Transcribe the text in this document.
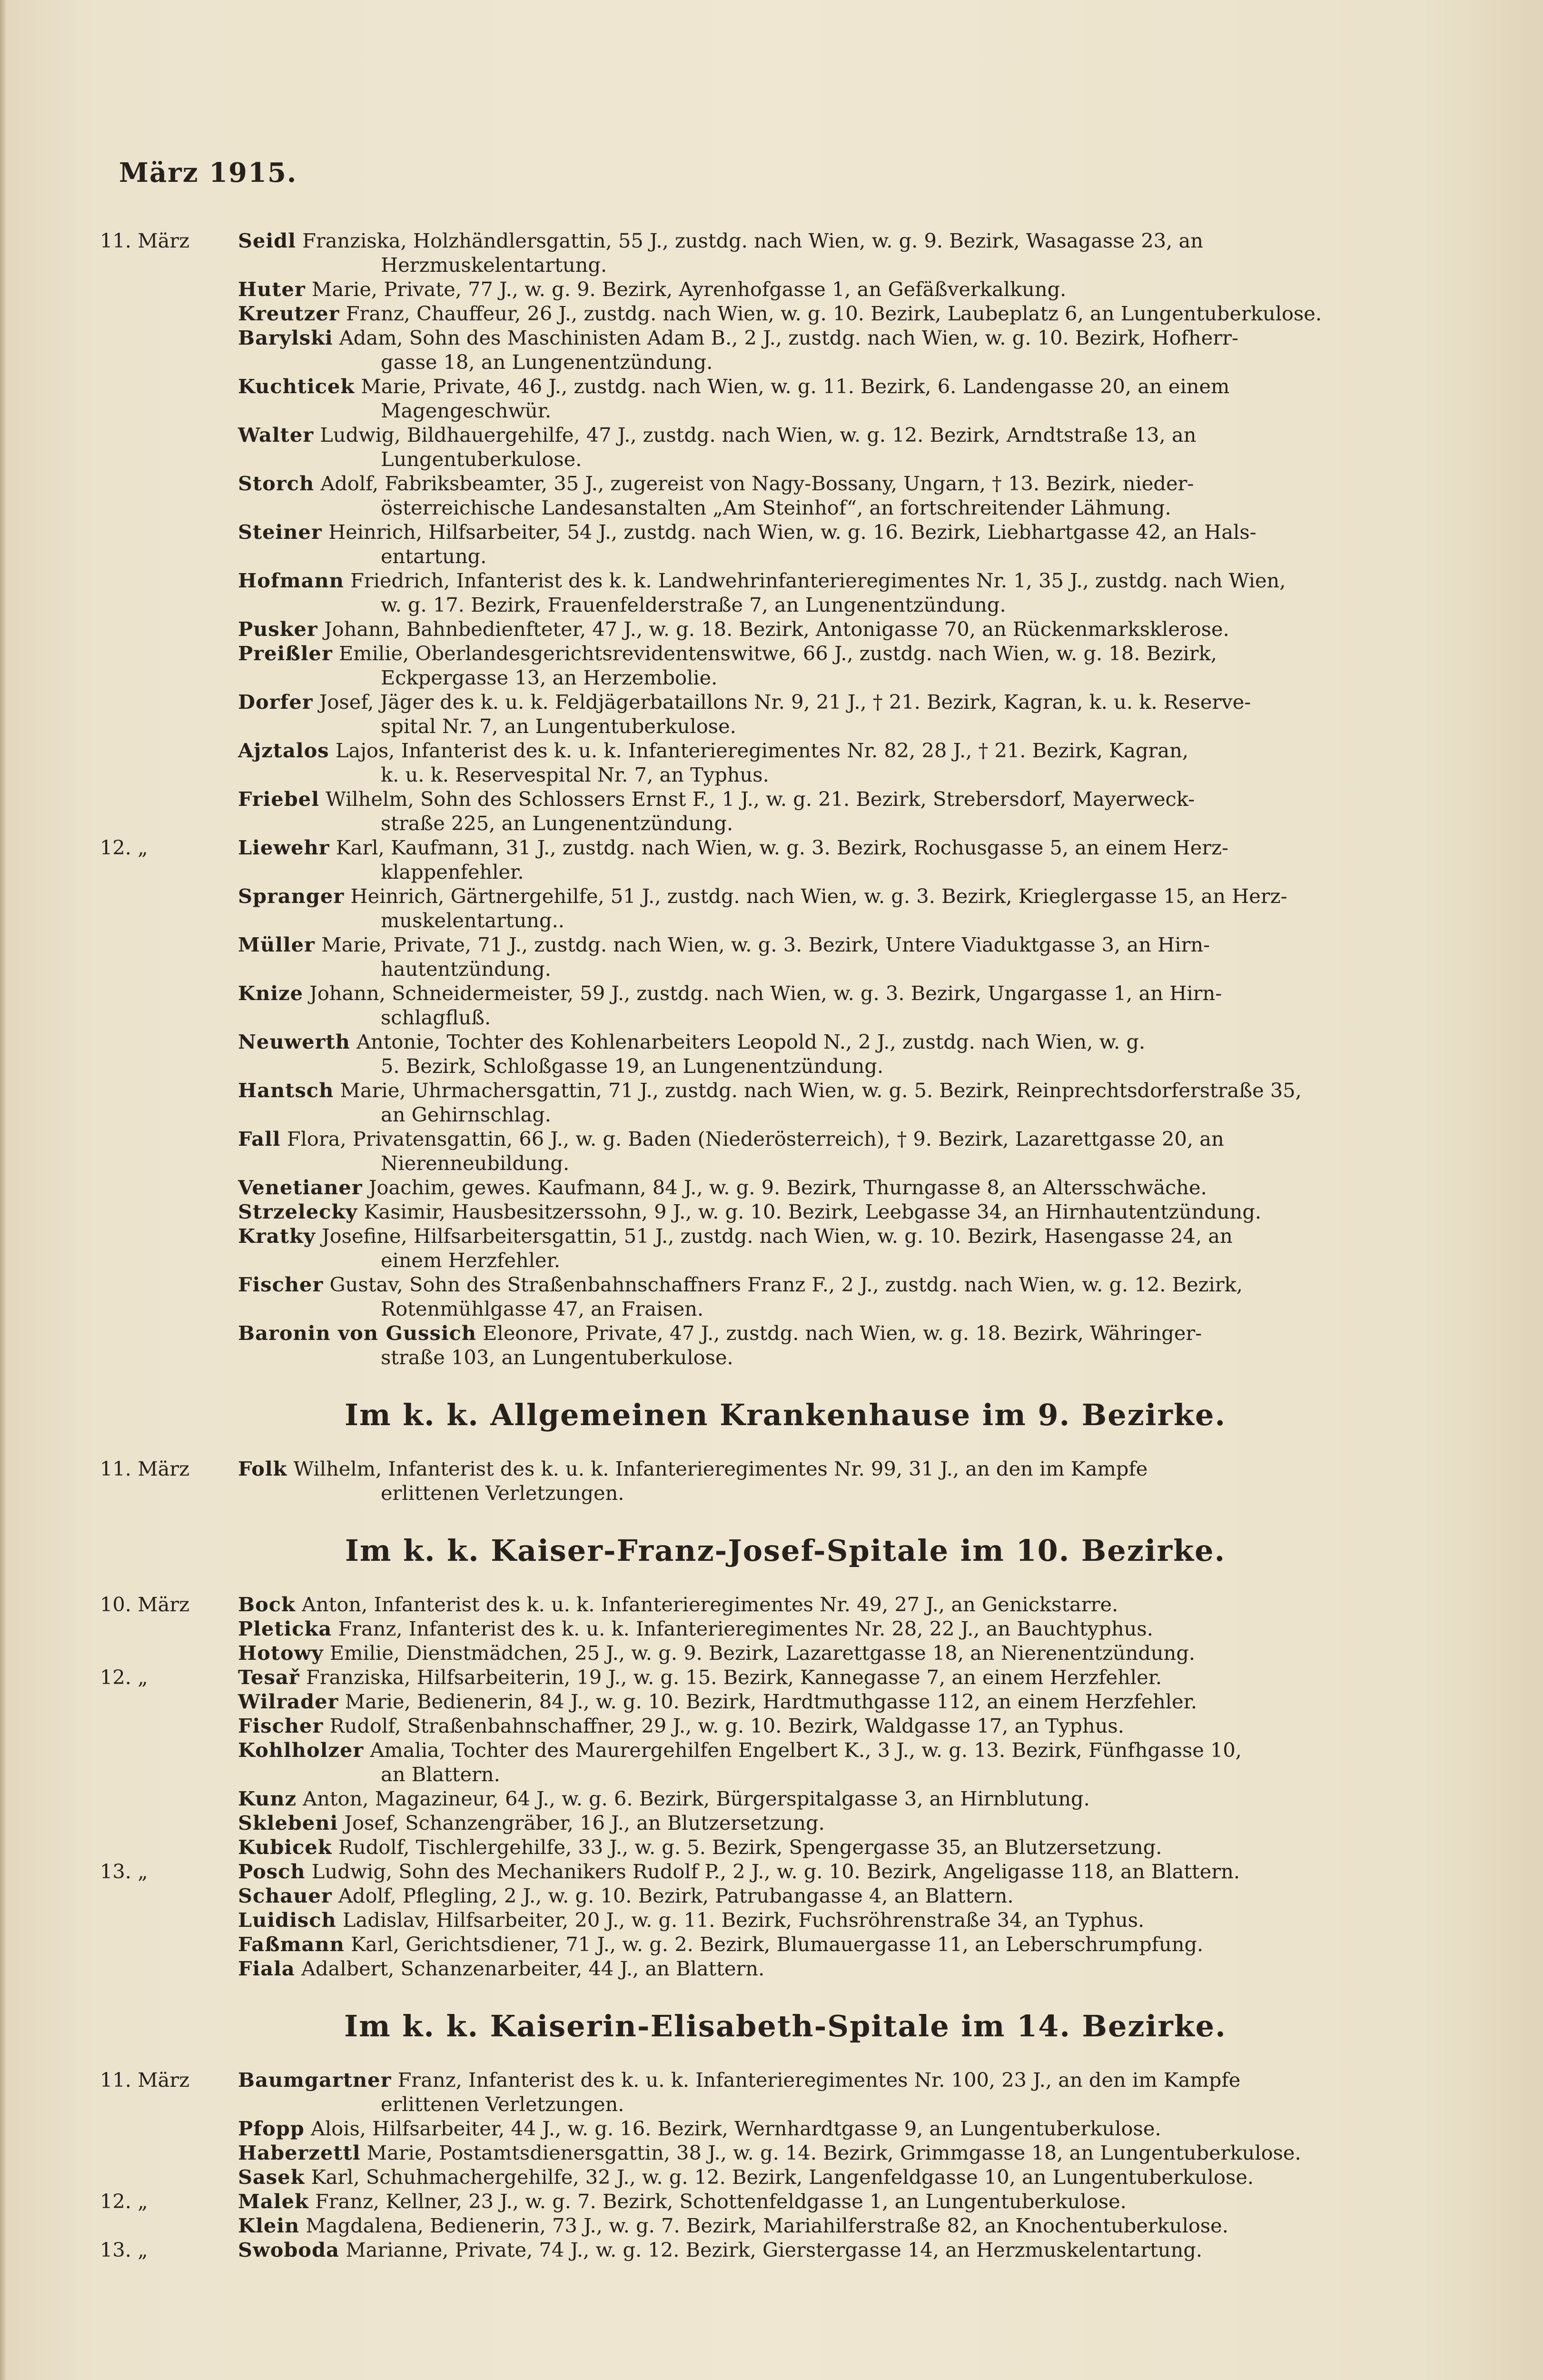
März 1915.
11. März	Seidl Franziska, Holzhändlersgattin, 55 J., zustdg. nach Wien, w. g. 9. Bezirk, Wasagasse 23, an
Herzmuskelentartung.
Huter Marie, Private, 77 J., w. g. 9. Bezirk, Ayrenhofgasse 1, an Gefäßverkalkung.
Kreutzer Franz, Chauffeur, 26 J., zustdg. nach Wien, w. g. 10. Bezirk, Laubeplatz 6, an Lungentuberkulose.
Barylski Adam, Sohn des Maschinisten Adam B., 2 J., zustdg. nach Wien, w. g. 10. Bezirk, Hofherr-
gasse 18, an Lungenentzündung.
Kuchticek Marie, Private, 46 J., zustdg. nach Wien, w. g. 11. Bezirk, 6. Landengasse 20, an einem
Magengeschwür.
Walter Ludwig, Bildhauergehilfe, 47 J., zustdg. nach Wien, w. g. 12. Bezirk, Arndtstraße 13, an
Lungentuberkulose.
Storch Adolf, Fabriksbeamter, 35 J., zugereist von Nagy-Bossany, Ungarn, † 13. Bezirk, nieder-
österreichische Landesanstalten „Am Steinhof“, an fortschreitender Lähmung.
Steiner Heinrich, Hilfsarbeiter, 54 J., zustdg. nach Wien, w. g. 16. Bezirk, Liebhartgasse 42, an Hals-
entartung.
Hofmann Friedrich, Infanterist des k. k. Landwehrinfanterieregimentes Nr. 1, 35 J., zustdg. nach Wien,
w. g. 17. Bezirk, Frauenfelderstraße 7, an Lungenentzündung.
Pusker Johann, Bahnbedienfteter, 47 J., w. g. 18. Bezirk, Antonigasse 70, an Rückenmarksklerose.
Preißler Emilie, Oberlandesgerichtsrevidentenswitwe, 66 J., zustdg. nach Wien, w. g. 18. Bezirk,
Eckpergasse 13, an Herzembolie.
Dorfer Josef, Jäger des k. u. k. Feldjägerbataillons Nr. 9, 21 J., † 21. Bezirk, Kagran, k. u. k. Reserve-
spital Nr. 7, an Lungentuberkulose.
Ajztalos Lajos, Infanterist des k. u. k. Infanterieregimentes Nr. 82, 28 J., † 21. Bezirk, Kagran,
k. u. k. Reservespital Nr. 7, an Typhus.
Friebel Wilhelm, Sohn des Schlossers Ernst F., 1 J., w. g. 21. Bezirk, Strebersdorf, Mayerweck-
straße 225, an Lungenentzündung.
12. „	Liewehr Karl, Kaufmann, 31 J., zustdg. nach Wien, w. g. 3. Bezirk, Rochusgasse 5, an einem Herz-
klappenfehler.
Spranger Heinrich, Gärtnergehilfe, 51 J., zustdg. nach Wien, w. g. 3. Bezirk, Krieglergasse 15, an Herz-
muskelentartung..
Müller Marie, Private, 71 J., zustdg. nach Wien, w. g. 3. Bezirk, Untere Viaduktgasse 3, an Hirn-
hautentzündung.
Knize Johann, Schneidermeister, 59 J., zustdg. nach Wien, w. g. 3. Bezirk, Ungargasse 1, an Hirn-
schlagfluß.
Neuwerth Antonie, Tochter des Kohlenarbeiters Leopold N., 2 J., zustdg. nach Wien, w. g.
5. Bezirk, Schloßgasse 19, an Lungenentzündung.
Hantsch Marie, Uhrmachersgattin, 71 J., zustdg. nach Wien, w. g. 5. Bezirk, Reinprechtsdorferstraße 35,
an Gehirnschlag.
Fall Flora, Privatensgattin, 66 J., w. g. Baden (Niederösterreich), † 9. Bezirk, Lazarettgasse 20, an
Nierenneubildung.
Venetianer Joachim, gewes. Kaufmann, 84 J., w. g. 9. Bezirk, Thurngasse 8, an Altersschwäche.
Strzelecky Kasimir, Hausbesitzerssohn, 9 J., w. g. 10. Bezirk, Leebgasse 34, an Hirnhautentzündung.
Kratky Josefine, Hilfsarbeitersgattin, 51 J., zustdg. nach Wien, w. g. 10. Bezirk, Hasengasse 24, an
einem Herzfehler.
Fischer Gustav, Sohn des Straßenbahnschaffners Franz F., 2 J., zustdg. nach Wien, w. g. 12. Bezirk,
Rotenmühlgasse 47, an Fraisen.
Baronin von Gussich Eleonore, Private, 47 J., zustdg. nach Wien, w. g. 18. Bezirk, Währinger-
straße 103, an Lungentuberkulose.
Im k. k. Allgemeinen Krankenhause im 9. Bezirke.
11. März	Folk Wilhelm, Infanterist des k. u. k. Infanterieregimentes Nr. 99, 31 J., an den im Kampfe
erlittenen Verletzungen.
Im k. k. Kaiser-Franz-Josef-Spitale im 10. Bezirke.
10. März	Bock Anton, Infanterist des k. u. k. Infanterieregimentes Nr. 49, 27 J., an Genickstarre.
Pleticka Franz, Infanterist des k. u. k. Infanterieregimentes Nr. 28, 22 J., an Bauchtyphus.
Hotowy Emilie, Dienstmädchen, 25 J., w. g. 9. Bezirk, Lazarettgasse 18, an Nierenentzündung.
12. „	Tesař Franziska, Hilfsarbeiterin, 19 J., w. g. 15. Bezirk, Kannegasse 7, an einem Herzfehler.
Wilrader Marie, Bedienerin, 84 J., w. g. 10. Bezirk, Hardtmuthgasse 112, an einem Herzfehler.
Fischer Rudolf, Straßenbahnschaffner, 29 J., w. g. 10. Bezirk, Waldgasse 17, an Typhus.
Kohlholzer Amalia, Tochter des Maurergehilfen Engelbert K., 3 J., w. g. 13. Bezirk, Fünfhgasse 10,
an Blattern.
Kunz Anton, Magazineur, 64 J., w. g. 6. Bezirk, Bürgerspitalgasse 3, an Hirnblutung.
Sklebeni Josef, Schanzengräber, 16 J., an Blutzersetzung.
Kubicek Rudolf, Tischlergehilfe, 33 J., w. g. 5. Bezirk, Spengergasse 35, an Blutzersetzung.
13. „	Posch Ludwig, Sohn des Mechanikers Rudolf P., 2 J., w. g. 10. Bezirk, Angeligasse 118, an Blattern.
Schauer Adolf, Pflegling, 2 J., w. g. 10. Bezirk, Patrubangasse 4, an Blattern.
Luidisch Ladislav, Hilfsarbeiter, 20 J., w. g. 11. Bezirk, Fuchsröhrenstraße 34, an Typhus.
Faßmann Karl, Gerichtsdiener, 71 J., w. g. 2. Bezirk, Blumauergasse 11, an Leberschrumpfung.
Fiala Adalbert, Schanzenarbeiter, 44 J., an Blattern.
Im k. k. Kaiserin-Elisabeth-Spitale im 14. Bezirke.
11. März	Baumgartner Franz, Infanterist des k. u. k. Infanterieregimentes Nr. 100, 23 J., an den im Kampfe
erlittenen Verletzungen.
Pfopp Alois, Hilfsarbeiter, 44 J., w. g. 16. Bezirk, Wernhardtgasse 9, an Lungentuberkulose.
Haberzettl Marie, Postamtsdienersgattin, 38 J., w. g. 14. Bezirk, Grimmgasse 18, an Lungentuberkulose.
Sasek Karl, Schuhmachergehilfe, 32 J., w. g. 12. Bezirk, Langenfeldgasse 10, an Lungentuberkulose.
12. „	Malek Franz, Kellner, 23 J., w. g. 7. Bezirk, Schottenfeldgasse 1, an Lungentuberkulose.
Klein Magdalena, Bedienerin, 73 J., w. g. 7. Bezirk, Mariahilferstraße 82, an Knochentuberkulose.
13. „	Swoboda Marianne, Private, 74 J., w. g. 12. Bezirk, Gierstergasse 14, an Herzmuskelentartung.
